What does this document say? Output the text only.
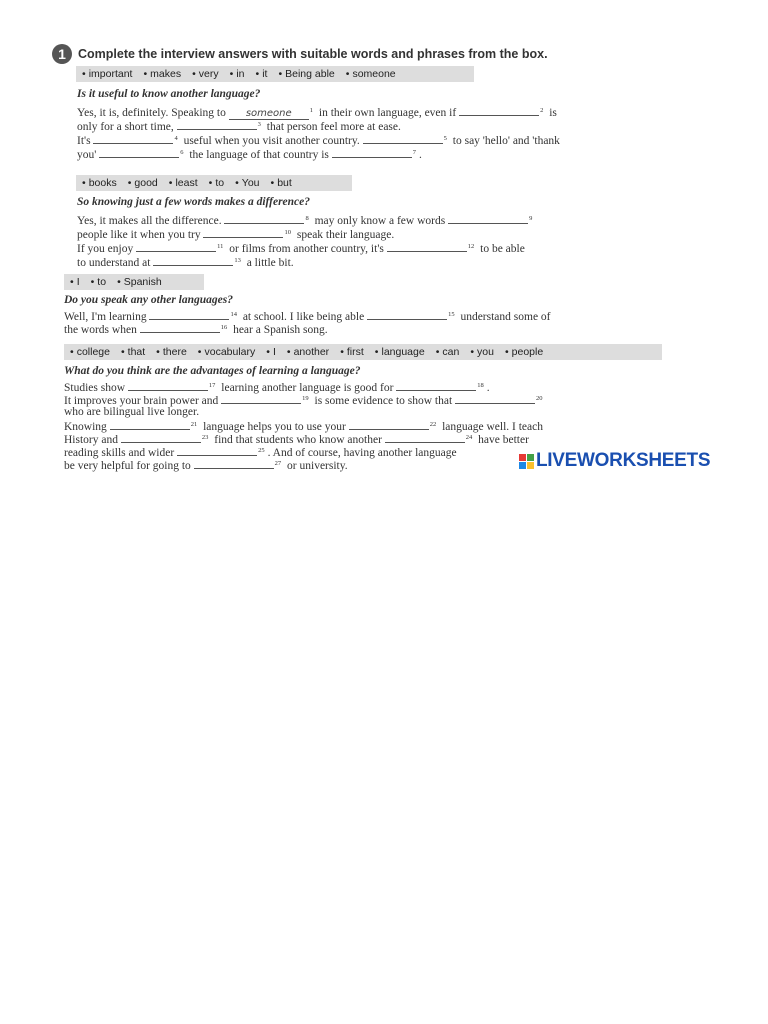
1 Complete the interview answers with suitable words and phrases from the box.
• important	• makes	• very	• in	• it	• Being able	• someone
Is it useful to know another language?
Yes, it is, definitely. Speaking to someone	$^1$ in their own language, even if	$^2$ is
only for a short time,	$^3$ that person feel more at ease.
It's	$^4$ useful when you visit another country.	$^5$ to say 'hello' and 'thank
you'	$^6$ the language of that country is	$^7$ .
• books	• good	• least	• to	• You	• but
So knowing just a few words makes a difference?
Yes, it makes all the difference.	$^8$ may only know a few words	$^9$
people like it when you try	$^{10}$ speak their language.
If you enjoy	$^{11}$ or films from another country, it's	$^{12}$ to be able
to understand at	$^{13}$ a little bit.
• I	• to	• Spanish
Do you speak any other languages?
Well, I'm learning	$^{14}$ at school. I like being able	$^{15}$ understand some of
the words when	$^{16}$ hear a Spanish song.
• college	• that	• there	• vocabulary	• I	• another	• first	• language	• can	• you	• people
What do you think are the advantages of learning a language?
Studies show	$^{17}$ learning another language is good for	$^{18}$ .
It improves your brain power and	$^{19}$ is some evidence to show that	$^{20}$
who are bilingual live longer.
Knowing	$^{21}$ language helps you to use your	$^{22}$ language well. I teach
History and	$^{23}$ find that students who know another	$^{24}$ have better
reading skills and wider	$^{25}$ . And of course, having another language
be very helpful for going to	$^{27}$ or university.	LIVEWORKSHEETS
